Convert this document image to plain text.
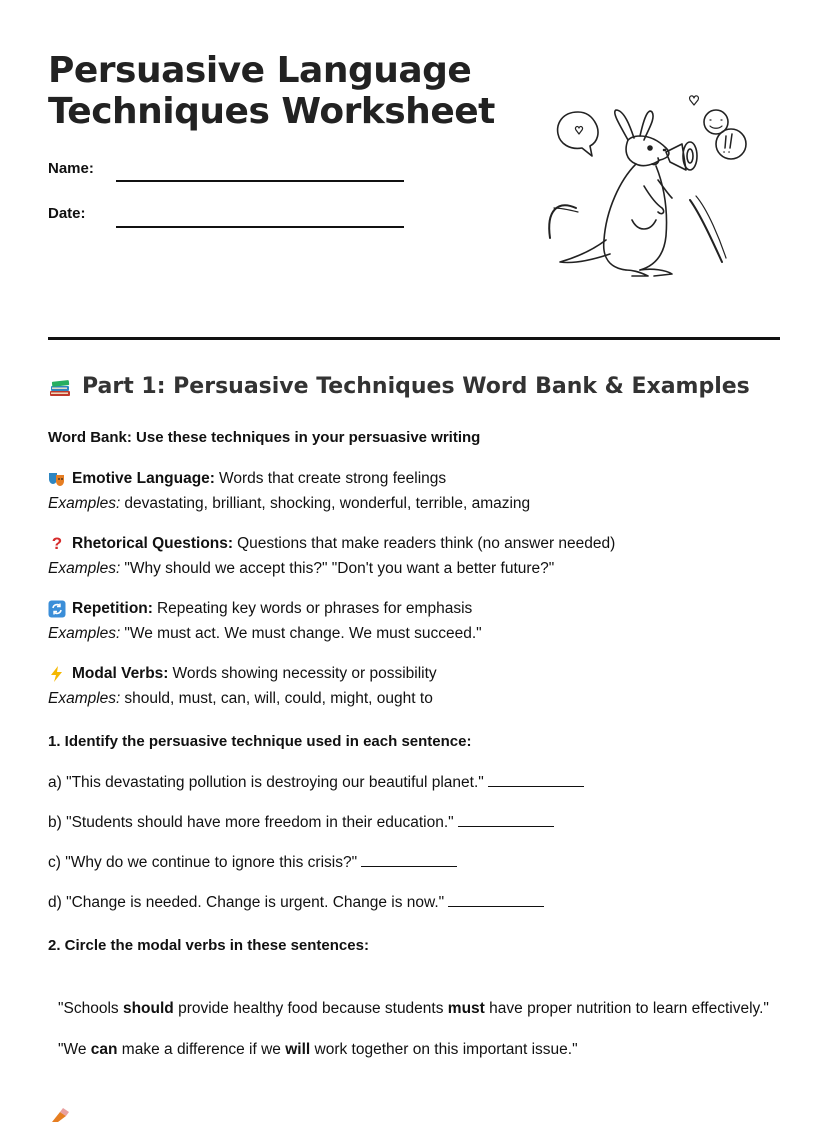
Persuasive Language Techniques Worksheet
Name:
Date:
Part 1: Persuasive Techniques Word Bank & Examples
Word Bank: Use these techniques in your persuasive writing
Emotive Language: Words that create strong feelings
Examples: devastating, brilliant, shocking, wonderful, terrible, amazing
? Rhetorical Questions: Questions that make readers think (no answer needed)
Examples: "Why should we accept this?" "Don't you want a better future?"
Repetition: Repeating key words or phrases for emphasis
Examples: "We must act. We must change. We must succeed."
Modal Verbs: Words showing necessity or possibility
Examples: should, must, can, will, could, might, ought to
1. Identify the persuasive technique used in each sentence:
a) "This devastating pollution is destroying our beautiful planet."
b) "Students should have more freedom in their education."
c) "Why do we continue to ignore this crisis?"
d) "Change is needed. Change is urgent. Change is now."
2. Circle the modal verbs in these sentences:
"Schools should provide healthy food because students must have proper nutrition to learn effectively."
"We can make a difference if we will work together on this important issue."
